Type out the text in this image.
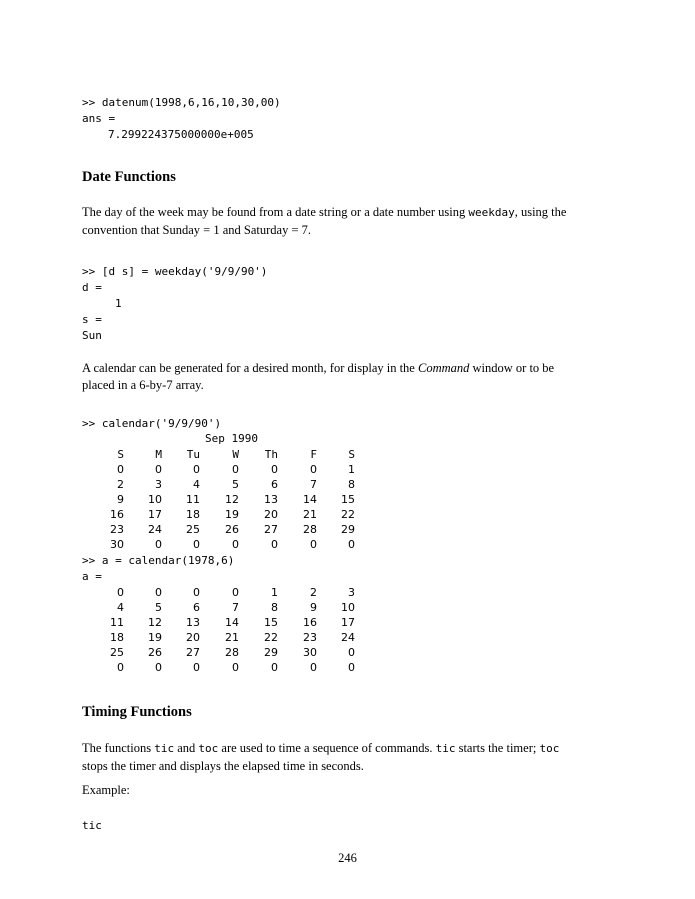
>> datenum(1998,6,16,10,30,00)
ans =
7.299224375000000e+005
Date Functions
The day of the week may be found from a date string or a date number using weekday, using the
convention that Sunday = 1 and Saturday = 7.
>> [d s] = weekday('9/9/90')
d =
1
s =
Sun
A calendar can be generated for a desired month, for display in the Command window or to be
placed in a 6-by-7 array.
>> calendar('9/9/90')
Sep 1990
S	M	Tu	W	Th	F	S
0	0	0	0	0	0	1
2	3	4	5	6	7	8
9	10	11	12	13	14	15
16	17	18	19	20	21	22
23	24	25	26	27	28	29
30	0	0	0	0	0	0
>> a = calendar(1978,6)
a =
0	0	0	0	1	2	3
4	5	6	7	8	9	10
11	12	13	14	15	16	17
18	19	20	21	22	23	24
25	26	27	28	29	30	0
0	0	0	0	0	0	0
Timing Functions
The functions tic and toc are used to time a sequence of commands. tic starts the timer; toc
stops the timer and displays the elapsed time in seconds.
Example:
tic
246
